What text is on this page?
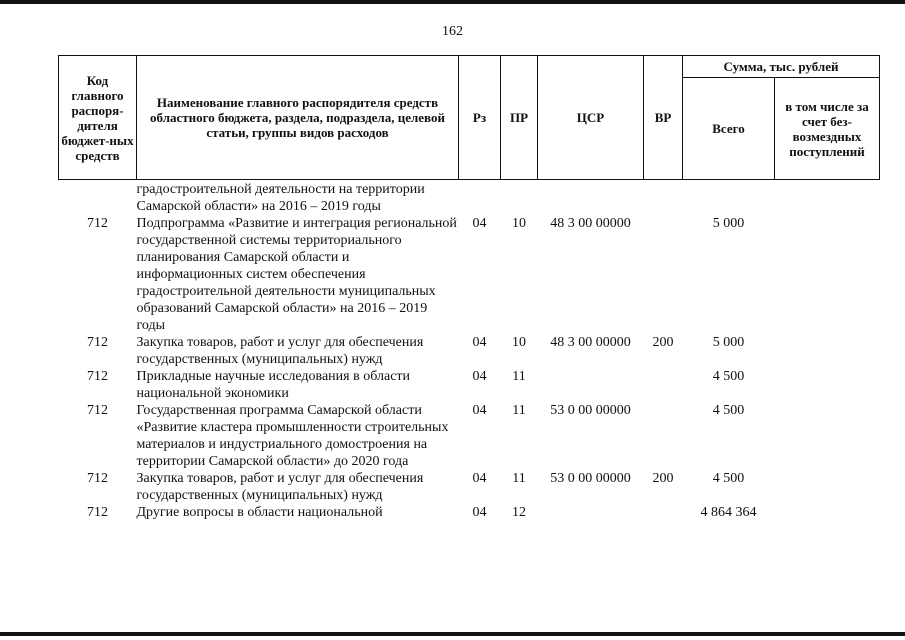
162
Код главного распоря-дителя бюджет-ных средств	Наименование главного распорядителя средств областного бюджета, раздела, подраздела, целевой статьи, группы видов расходов	Рз	ПР	ЦСР	ВР	Сумма, тыс. рублей	
						Всего	в том числе за счет без-возмездных поступлений
	градостроительной деятельности на территории Самарской области» на 2016 – 2019 годы						
712	Подпрограмма «Развитие и интеграция региональной государственной системы территориального планирования Самарской области и информационных систем обеспечения градостроительной деятельности муниципальных образований Самарской области» на 2016 – 2019 годы	04	10	48 3 00 00000		5 000	
712	Закупка товаров, работ и услуг для обеспечения государственных (муниципальных) нужд	04	10	48 3 00 00000	200	5 000	
712	Прикладные научные исследования в области национальной экономики	04	11			4 500	
712	Государственная программа Самарской области «Развитие кластера промышленности строительных материалов и индустриального домостроения на территории Самарской области» до 2020 года	04	11	53 0 00 00000		4 500	
712	Закупка товаров, работ и услуг для обеспечения государственных (муниципальных) нужд	04	11	53 0 00 00000	200	4 500	
712	Другие вопросы в области национальной	04	12			4 864 364	
